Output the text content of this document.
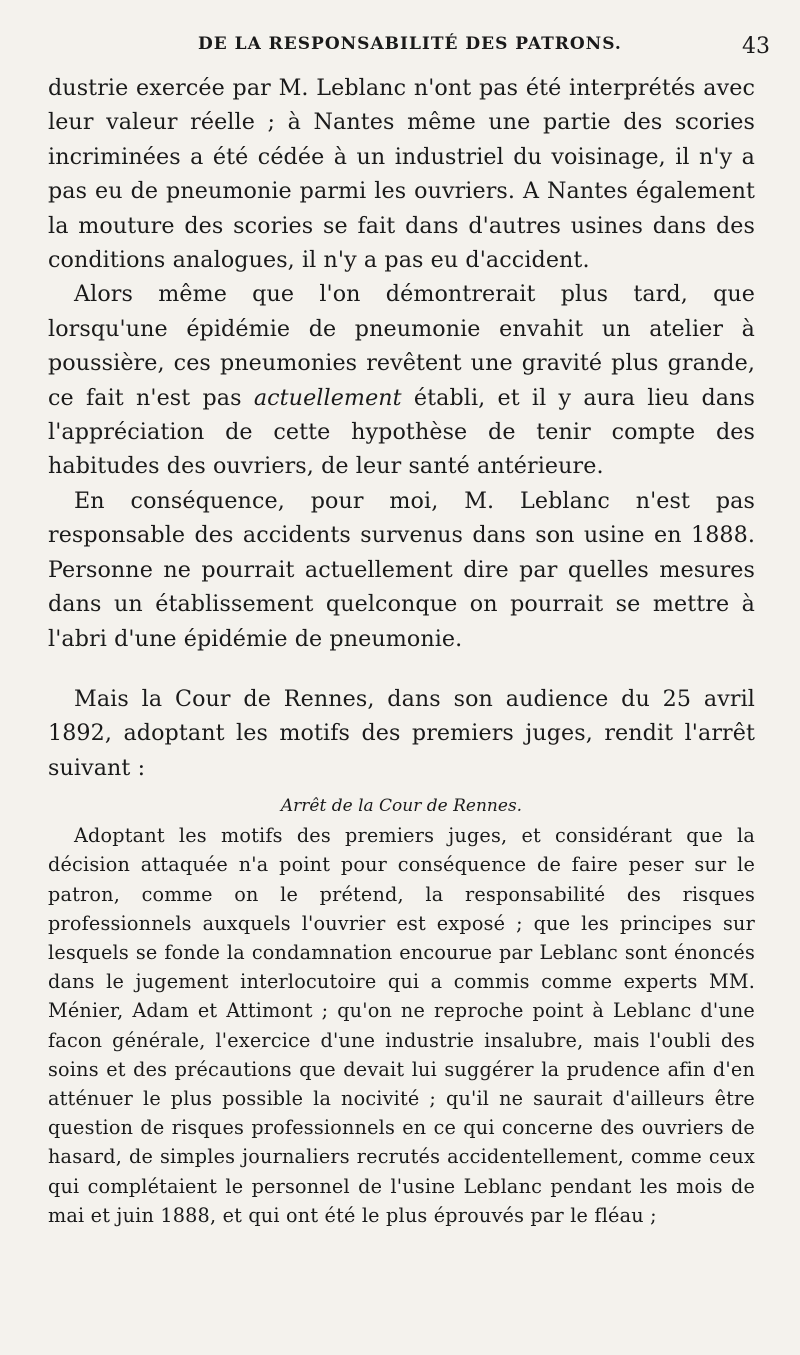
DE LA RESPONSABILITÉ DES PATRONS.	43

dustrie exercée par M. Leblanc n'ont pas été interprétés avec leur valeur réelle ; à Nantes même une partie des scories incriminées a été cédée à un industriel du voisinage, il n'y a pas eu de pneumonie parmi les ouvriers. A Nantes également la mouture des scories se fait dans d'autres usines dans des conditions analogues, il n'y a pas eu d'accident.

Alors même que l'on démontrerait plus tard, que lorsqu'une épidémie de pneumonie envahit un atelier à poussière, ces pneumonies revêtent une gravité plus grande, ce fait n'est pas actuellement établi, et il y aura lieu dans l'appréciation de cette hypothèse de tenir compte des habitudes des ouvriers, de leur santé antérieure.

En conséquence, pour moi, M. Leblanc n'est pas responsable des accidents survenus dans son usine en 1888. Personne ne pourrait actuellement dire par quelles mesures dans un établissement quelconque on pourrait se mettre à l'abri d'une épidémie de pneumonie.

Mais la Cour de Rennes, dans son audience du 25 avril 1892, adoptant les motifs des premiers juges, rendit l'arrêt suivant :

Arrêt de la Cour de Rennes.

Adoptant les motifs des premiers juges, et considérant que la décision attaquée n'a point pour conséquence de faire peser sur le patron, comme on le prétend, la responsabilité des risques professionnels auxquels l'ouvrier est exposé ; que les principes sur lesquels se fonde la condamnation encourue par Leblanc sont énoncés dans le jugement interlocutoire qui a commis comme experts MM. Ménier, Adam et Attimont ; qu'on ne reproche point à Leblanc d'une facon générale, l'exercice d'une industrie insalubre, mais l'oubli des soins et des précautions que devait lui suggérer la prudence afin d'en atténuer le plus possible la nocivité ; qu'il ne saurait d'ailleurs être question de risques professionnels en ce qui concerne des ouvriers de hasard, de simples journaliers recrutés accidentellement, comme ceux qui complétaient le personnel de l'usine Leblanc pendant les mois de mai et juin 1888, et qui ont été le plus éprouvés par le fléau ;
